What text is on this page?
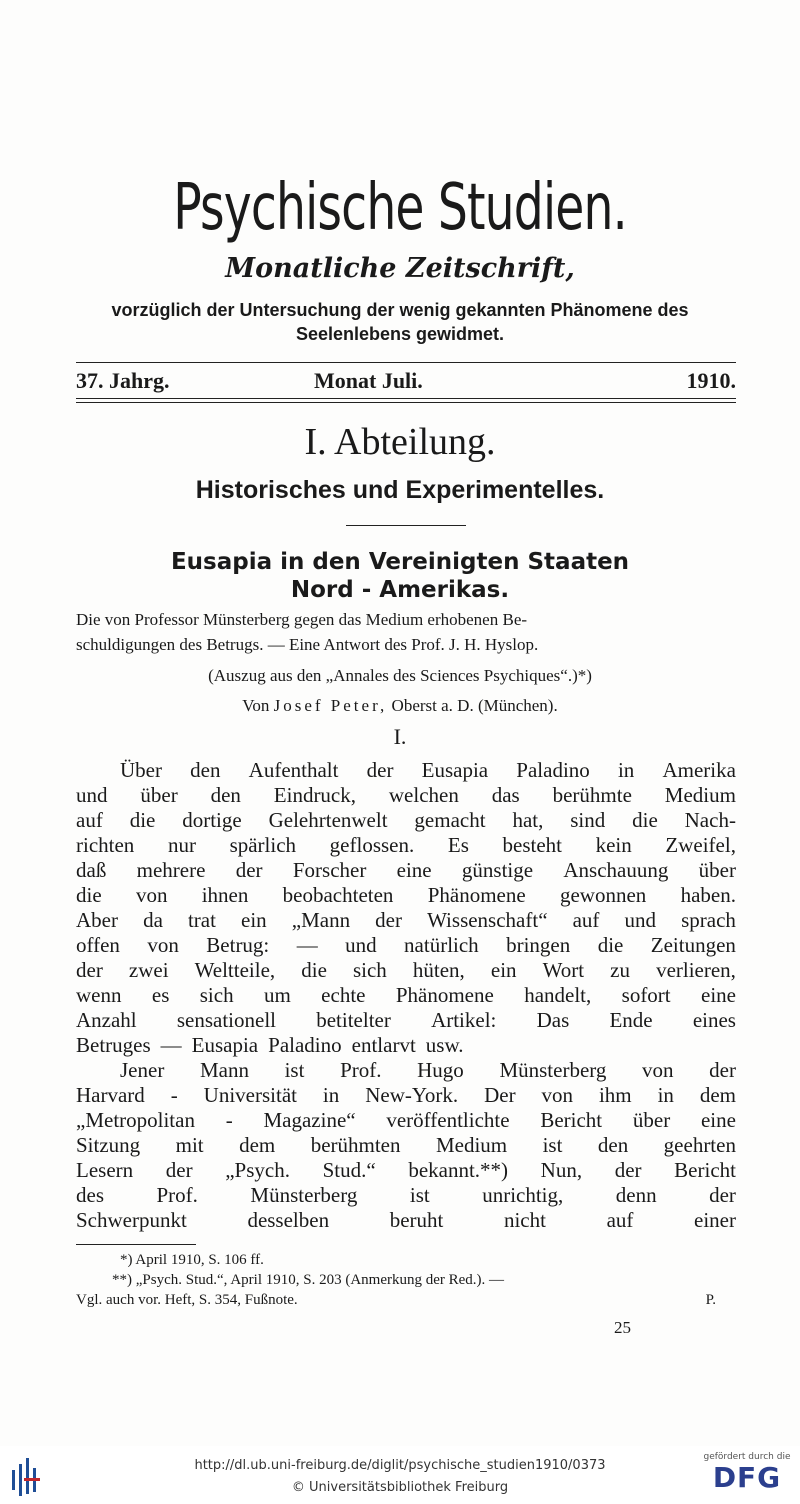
Psychische Studien.
Monatliche Zeitschrift,
vorzüglich der Untersuchung der wenig gekannten Phänomene des
Seelenlebens gewidmet.
37. Jahrg.	Monat Juli.	1910.
I. Abteilung.
Historisches und Experimentelles.
Eusapia in den Vereinigten Staaten
Nord - Amerikas.
Die von Professor Münsterberg gegen das Medium erhobenen Be-
schuldigungen des Betrugs. — Eine Antwort des Prof. J. H. Hyslop.
(Auszug aus den „Annales des Sciences Psychiques“.)*)
Von Josef Peter, Oberst a. D. (München).
I.
Über den Aufenthalt der Eusapia Paladino in Amerika
und über den Eindruck, welchen das berühmte Medium
auf die dortige Gelehrtenwelt gemacht hat, sind die Nach-
richten nur spärlich geflossen. Es besteht kein Zweifel,
daß mehrere der Forscher eine günstige Anschauung über
die von ihnen beobachteten Phänomene gewonnen haben.
Aber da trat ein „Mann der Wissenschaft“ auf und sprach
offen von Betrug: — und natürlich bringen die Zeitungen
der zwei Weltteile, die sich hüten, ein Wort zu verlieren,
wenn es sich um echte Phänomene handelt, sofort eine
Anzahl sensationell betitelter Artikel: Das Ende eines
Betruges — Eusapia Paladino entlarvt usw.
Jener Mann ist Prof. Hugo Münsterberg von der
Harvard - Universität in New-York. Der von ihm in dem
„Metropolitan - Magazine“ veröffentlichte Bericht über eine
Sitzung mit dem berühmten Medium ist den geehrten
Lesern der „Psych. Stud.“ bekannt.**) Nun, der Bericht
des	Prof.	Münsterberg	ist	unrichtig,	denn	der
Schwerpunkt	desselben	beruht	nicht	auf	einer
*) April 1910, S. 106 ff.
**) „Psych. Stud.“, April 1910, S. 203 (Anmerkung der Red.). —
Vgl. auch vor. Heft, S. 354, Fußnote.	P.
25
http://dl.ub.uni-freiburg.de/diglit/psychische_studien1910/0373
© Universitätsbibliothek Freiburg
gefördert durch die
DFG
